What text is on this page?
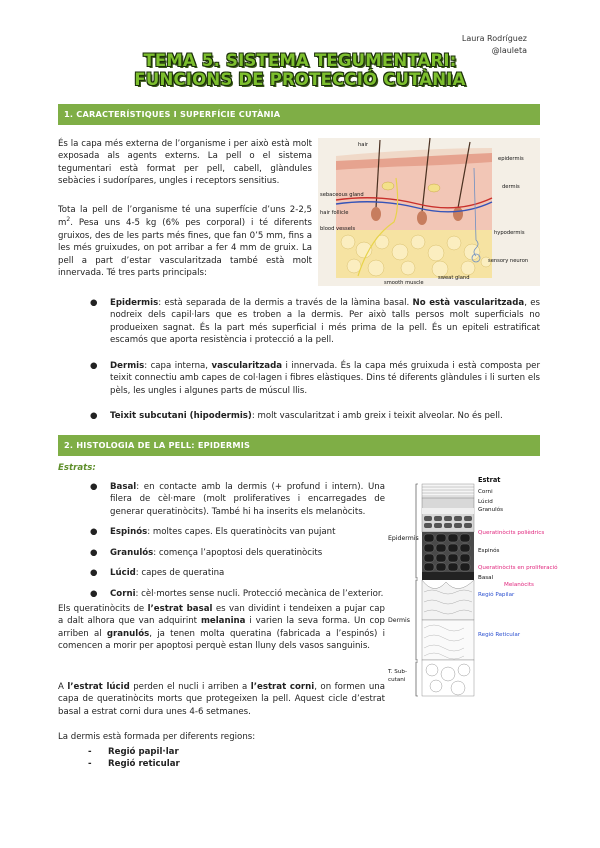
Laura Rodríguez
@lauleta
TEMA 5. SISTEMA TEGUMENTARI:
FUNCIONS DE PROTECCIÓ CUTÀNIA
1. CARACTERÍSTIQUES I SUPERFÍCIE CUTÀNIA

És la capa més externa de l’organisme i per això està molt exposada als agents externs. La pell o el sistema tegumentari està format per pell, cabell, glàndules sebàcies i sudorípares, ungles i receptors sensitius.

Tota la pell de l’organisme té una superfície d’uns 2-2,5 $m^2$. Pesa uns 4-5 kg (6% pes corporal) i té diferents gruixos, des de les parts més fines, que fan 0’5 mm, fins a les més gruixudes, on pot arribar a fer 4 mm de gruix. La pell a part d’estar vascularitzada també està molt innervada. Té tres parts principals:

hair
epidermis
dermis
sebaceous gland
hair follicle
blood vessels
hypodermis
sensory neuron
sweat gland
smooth muscle
● Epidermis: està separada de la dermis a través de la làmina basal. No està vascularitzada, es nodreix dels capil·lars que es troben a la dermis. Per això talls persos molt superficials no produeixen sagnat. És la part més superficial i més prima de la pell. És un epiteli estratificat escamós que aporta resistència i protecció a la pell.
● Dermis: capa interna, vascularitzada i innervada. És la capa més gruixuda i està composta per teixit connectiu amb capes de col·lagen i fibres elàstiques. Dins té diferents glàndules i li surten els pèls, les ungles i algunes parts de múscul llis.
● Teixit subcutani (hipodermis): molt vascularitzat i amb greix i teixit alveolar. No és pell.
2. HISTOLOGIA DE LA PELL: EPIDERMIS
Estrats:
● Basal: en contacte amb la dermis (+ profund i intern). Una filera de cèl·mare (molt proliferatives i encarregades de generar queratinòcits). També hi ha inserits els melanòcits.
● Espinós: moltes capes. Els queratinòcits van pujant
● Granulós: comença l’apoptosi dels queratinòcits
● Lúcid: capes de queratina
● Corni: cèl·mortes sense nucli. Protecció mecànica de l’exterior.

Els queratinòcits de l’estrat basal es van dividint i tendeixen a pujar cap a dalt alhora que van adquirint melanina i varien la seva forma. Un cop arriben al granulós, ja tenen molta queratina (fabricada a l’espinós) i comencen a morir per apoptosi perquè estan lluny dels vasos sanguinis.

A l’estrat lúcid perden el nucli i arriben a l’estrat corni, on formen una capa de queratinòcits morts que protegeixen la pell. Aquest cicle d’estrat basal a estrat corni dura unes 4-6 setmanes.

La dermis està formada per diferents regions:

- Regió papil·lar
- Regió reticular
Estrat
Corni
Lúcid
Granulós
Epidermis
Queratinòcits polièdrics
Espinós
Queratinòcits en proliferació
Basal
Melanòcits
Regió Papilar
Dermis
Regió Reticular
T. Sub-
cutani
